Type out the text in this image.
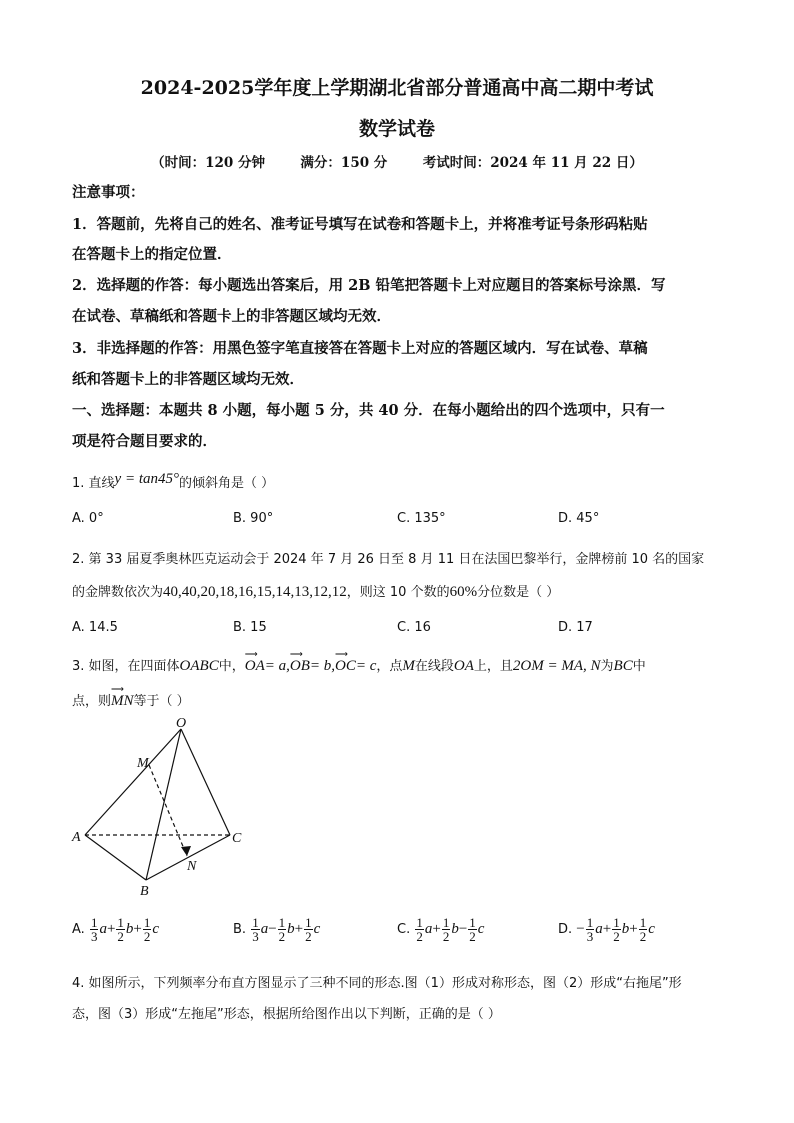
2024-2025学年度上学期湖北省部分普通高中高二期中考试
数学试卷
（时间：120 分钟	满分：150 分	考试时间：2024 年 11 月 22 日）
注意事项：
1．答题前，先将自己的姓名、准考证号填写在试卷和答题卡上，并将准考证号条形码粘贴
在答题卡上的指定位置．
2．选择题的作答：每小题选出答案后，用 2B 铅笔把答题卡上对应题目的答案标号涂黑．写
在试卷、草稿纸和答题卡上的非答题区域均无效．
3．非选择题的作答：用黑色签字笔直接答在答题卡上对应的答题区域内．写在试卷、草稿
纸和答题卡上的非答题区域均无效．
一、选择题：本题共 8 小题，每小题 5 分，共 40 分．在每小题给出的四个选项中，只有一
项是符合题目要求的．
1. 直线y = tan45°的倾斜角是（ ）
A. 0°	B. 90°	C. 135°	D. 45°
2. 第 33 届夏季奥林匹克运动会于 2024 年 7 月 26 日至 8 月 11 日在法国巴黎举行，金牌榜前 10 名的国家
的金牌数依次为40,40,20,18,16,15,14,13,12,12，则这 10 个数的60%分位数是（ ）
A. 14.5	B. 15	C. 16	D. 17
3. 如图，在四面体OABC中，
⟶
OA= a,
⟶
OB= b,
⟶
OC= c，点M在线段OA上，且2OM = MA, N为BC中
点，则
⟶
MN等于（ ）
O
M
A	C
N
B
A. $\frac{1}{3} a+ \frac{1}{2} b+ \frac{1}{2}$ c	B. $\frac{1}{3} a- \frac{1}{2} b+ \frac{1}{2}$ c	C. $\frac{1}{2} a+ \frac{1}{2} b- \frac{1}{2}$ c	D. − $\frac{1}{3} a+ \frac{1}{2} b+ \frac{1}{2}$ c
4. 如图所示，下列频率分布直方图显示了三种不同的形态.图（1）形成对称形态，图（2）形成“右拖尾”形
态，图（3）形成“左拖尾”形态，根据所给图作出以下判断，正确的是（ ）
